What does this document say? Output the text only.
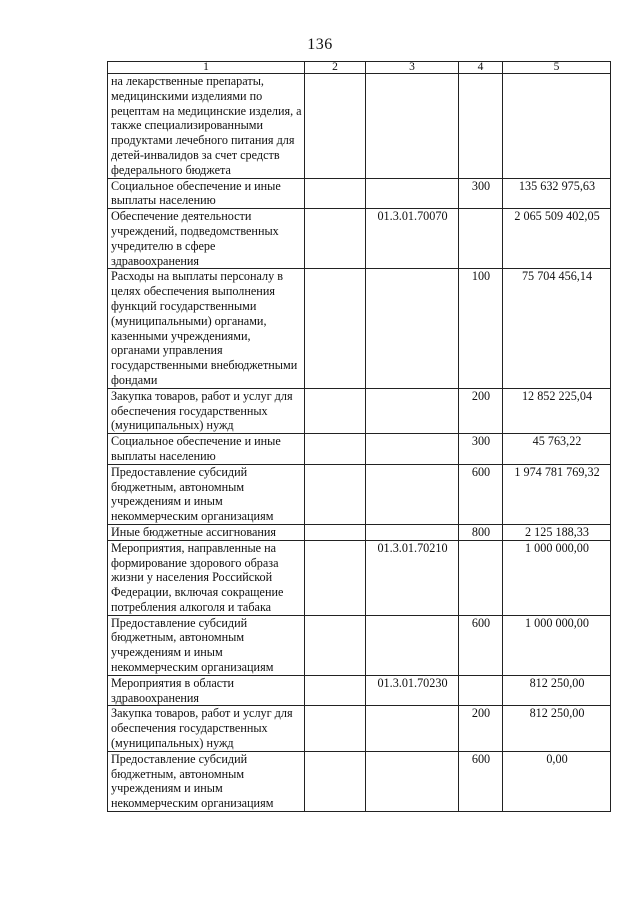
136
1	2	3	4	5
на лекарственные препараты, медицинскими изделиями по рецептам на медицинские изделия, а также специализированными продуктами лечебного питания для детей-инвалидов за счет средств федерального бюджета				
Социальное обеспечение и иные выплаты населению			300	135 632 975,63
Обеспечение деятельности учреждений, подведомственных учредителю в сфере здравоохранения		01.3.01.70070		2 065 509 402,05
Расходы на выплаты персоналу в целях обеспечения выполнения функций государственными (муниципальными) органами, казенными учреждениями, органами управления государственными внебюджетными фондами			100	75 704 456,14
Закупка товаров, работ и услуг для обеспечения государственных (муниципальных) нужд			200	12 852 225,04
Социальное обеспечение и иные выплаты населению			300	45 763,22
Предоставление субсидий бюджетным, автономным учреждениям и иным некоммерческим организациям			600	1 974 781 769,32
Иные бюджетные ассигнования			800	2 125 188,33
Мероприятия, направленные на формирование здорового образа жизни у населения Российской Федерации, включая сокращение потребления алкоголя и табака		01.3.01.70210		1 000 000,00
Предоставление субсидий бюджетным, автономным учреждениям и иным некоммерческим организациям			600	1 000 000,00
Мероприятия в области здравоохранения		01.3.01.70230		812 250,00
Закупка товаров, работ и услуг для обеспечения государственных (муниципальных) нужд			200	812 250,00
Предоставление субсидий бюджетным, автономным учреждениям и иным некоммерческим организациям			600	0,00
